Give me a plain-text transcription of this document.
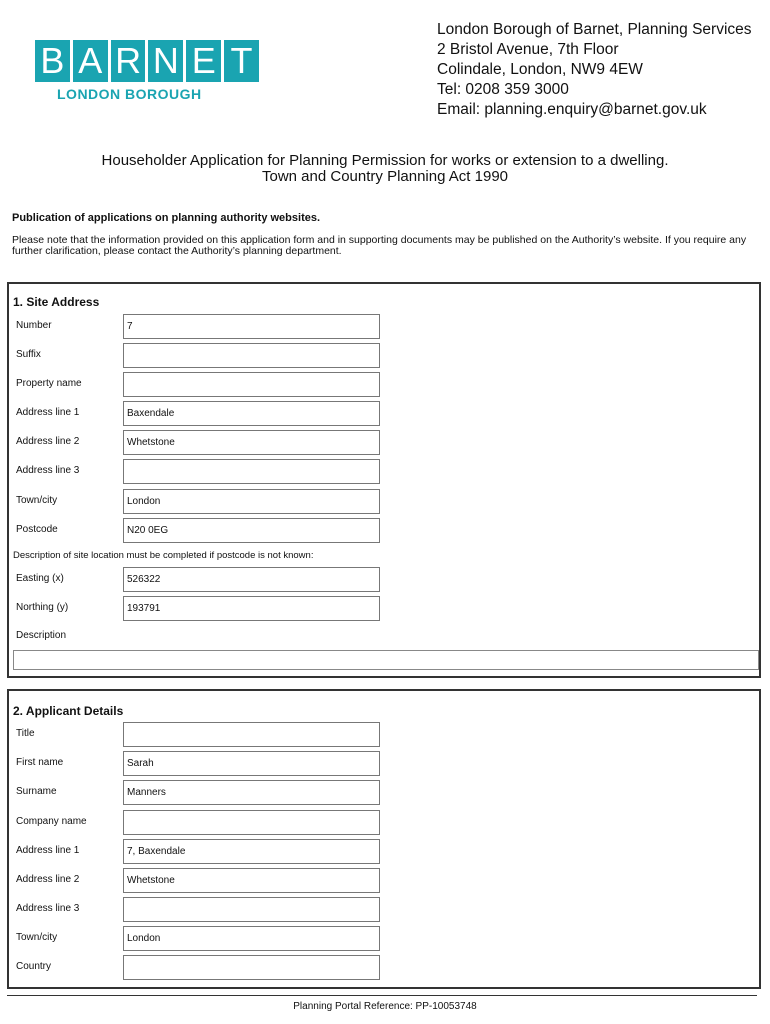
B A R N E T
LONDON BOROUGH
London Borough of Barnet, Planning Services
2 Bristol Avenue, 7th Floor
Colindale, London, NW9 4EW
Tel: 0208 359 3000
Email: planning.enquiry@barnet.gov.uk
Householder Application for Planning Permission for works or extension to a dwelling.
Town and Country Planning Act 1990
Publication of applications on planning authority websites.
Please note that the information provided on this application form and in supporting documents may be published on the Authority’s website. If you require any further clarification, please contact the Authority’s planning department.
1. Site Address
Number	7
Suffix
Property name
Address line 1	Baxendale
Address line 2	Whetstone
Address line 3
Town/city	London
Postcode	N20 0EG
Description of site location must be completed if postcode is not known:
Easting (x)	526322
Northing (y)	193791
Description
2. Applicant Details
Title
First name	Sarah
Surname	Manners
Company name
Address line 1	7, Baxendale
Address line 2	Whetstone
Address line 3
Town/city	London
Country
Planning Portal Reference: PP-10053748
